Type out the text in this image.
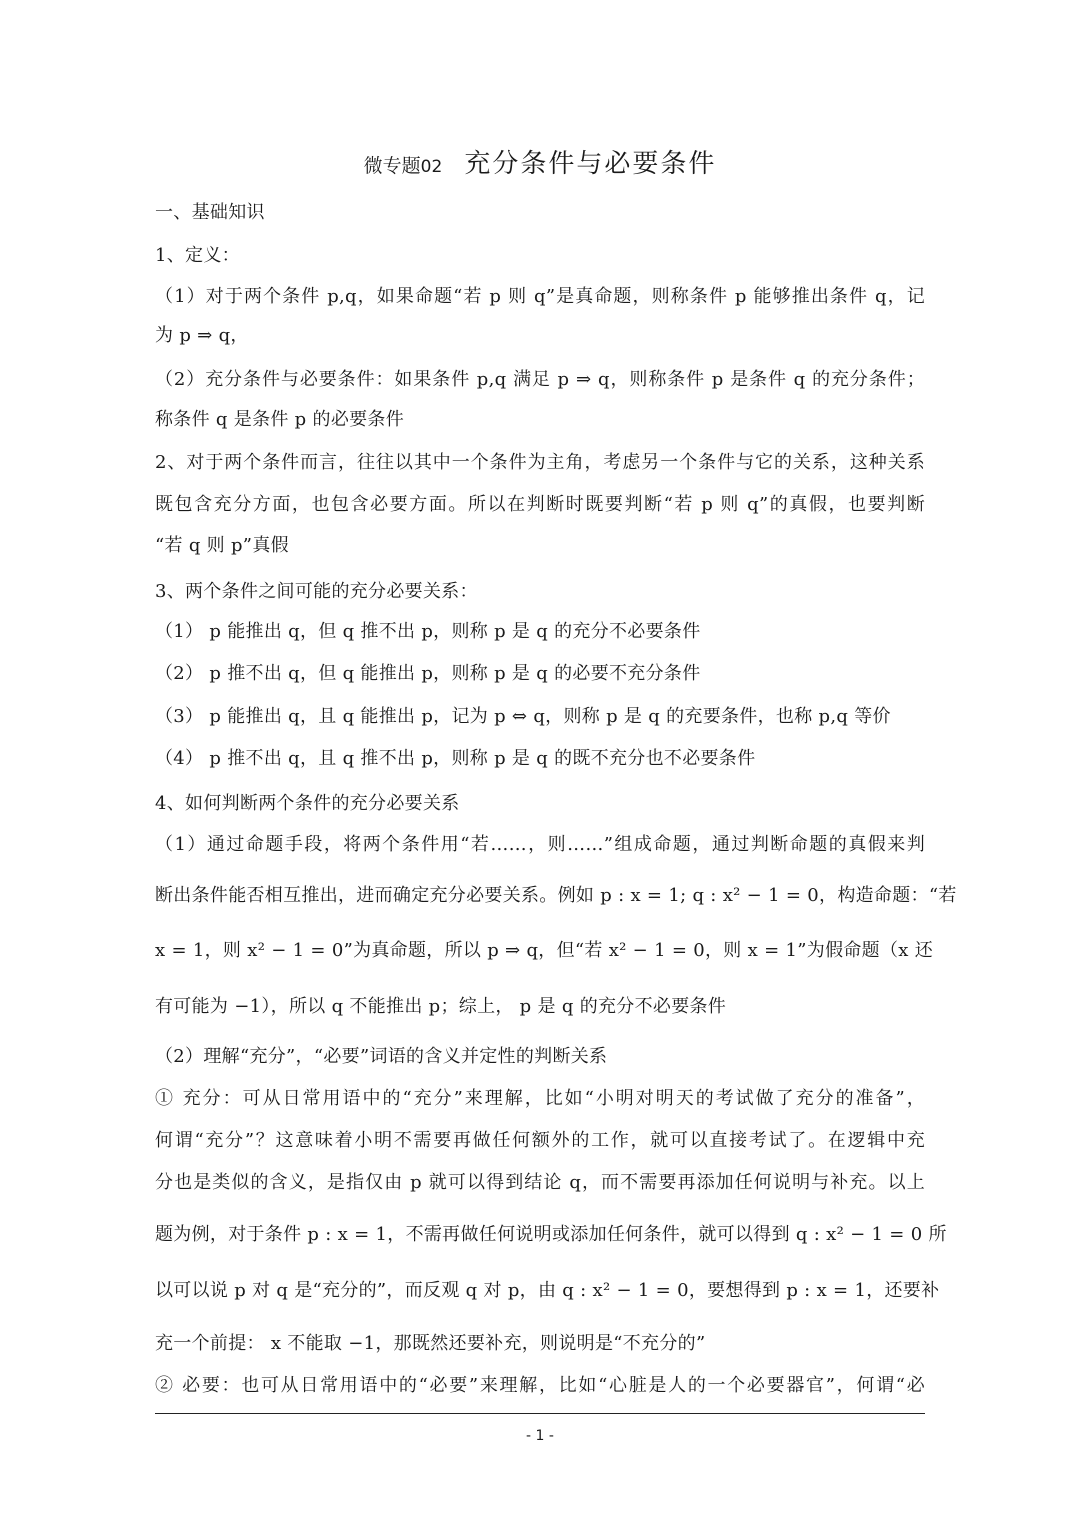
微专题02 充分条件与必要条件
一、基础知识
1、定义：
（1）对于两个条件 p,q，如果命题“若 p 则 q”是真命题，则称条件 p 能够推出条件 q，记
为 p ⇒ q，
（2）充分条件与必要条件：如果条件 p,q 满足 p ⇒ q，则称条件 p 是条件 q 的充分条件；
称条件 q 是条件 p 的必要条件
2、对于两个条件而言，往往以其中一个条件为主角，考虑另一个条件与它的关系，这种关系
既包含充分方面，也包含必要方面。所以在判断时既要判断“若 p 则 q”的真假，也要判断
“若 q 则 p”真假
3、两个条件之间可能的充分必要关系：
（1） p 能推出 q，但 q 推不出 p，则称 p 是 q 的充分不必要条件
（2） p 推不出 q，但 q 能推出 p，则称 p 是 q 的必要不充分条件
（3） p 能推出 q，且 q 能推出 p，记为 p ⇔ q，则称 p 是 q 的充要条件，也称 p,q 等价
（4） p 推不出 q，且 q 推不出 p，则称 p 是 q 的既不充分也不必要条件
4、如何判断两个条件的充分必要关系
（1）通过命题手段，将两个条件用“若……，则……”组成命题，通过判断命题的真假来判
断出条件能否相互推出，进而确定充分必要关系。例如 p : x = 1; q : x² − 1 = 0，构造命题：“若
x = 1，则 x² − 1 = 0”为真命题，所以 p ⇒ q，但“若 x² − 1 = 0，则 x = 1”为假命题（x 还
有可能为 −1），所以 q 不能推出 p；综上， p 是 q 的充分不必要条件
（2）理解“充分”，“必要”词语的含义并定性的判断关系
① 充分：可从日常用语中的“充分”来理解，比如“小明对明天的考试做了充分的准备”，
何谓“充分”？这意味着小明不需要再做任何额外的工作，就可以直接考试了。在逻辑中充
分也是类似的含义，是指仅由 p 就可以得到结论 q，而不需要再添加任何说明与补充。以上
题为例，对于条件 p : x = 1，不需再做任何说明或添加任何条件，就可以得到 q : x² − 1 = 0 所
以可以说 p 对 q 是“充分的”，而反观 q 对 p，由 q : x² − 1 = 0，要想得到 p : x = 1，还要补
充一个前提： x 不能取 −1，那既然还要补充，则说明是“不充分的”
② 必要：也可从日常用语中的“必要”来理解，比如“心脏是人的一个必要器官”，何谓“必
- 1 -
